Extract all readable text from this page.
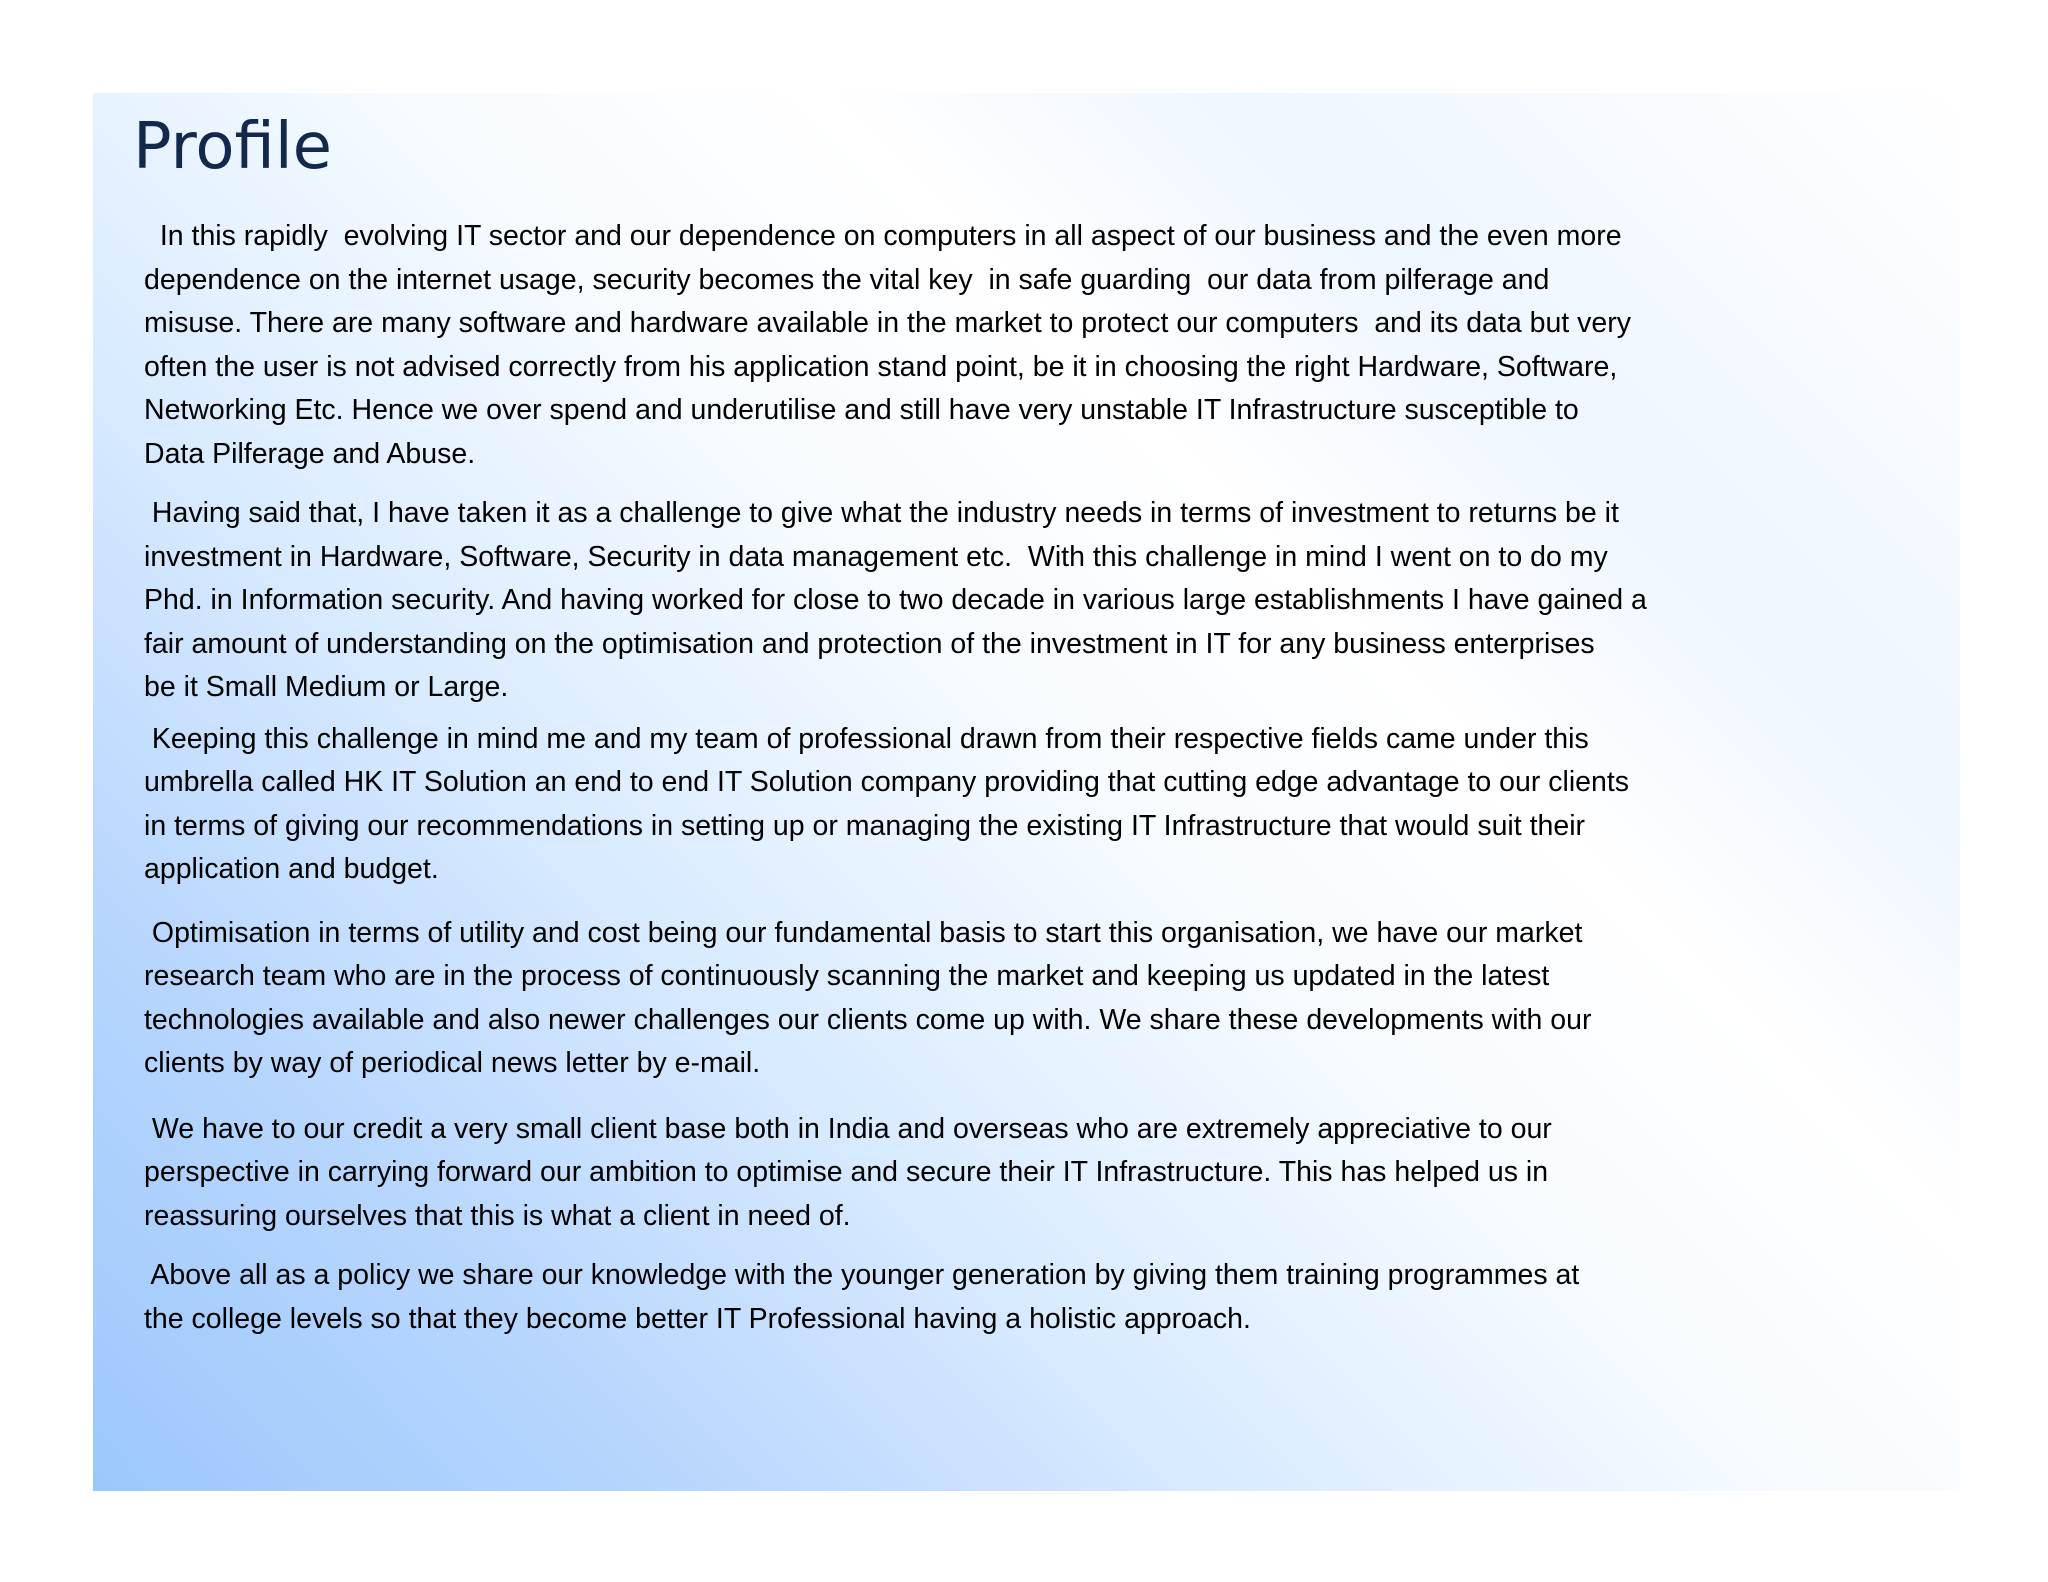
Profile

In this rapidly  evolving IT sector and our dependence on computers in all aspect of our business and the even more
dependence on the internet usage, security becomes the vital key  in safe guarding  our data from pilferage and
misuse. There are many software and hardware available in the market to protect our computers  and its data but very
often the user is not advised correctly from his application stand point, be it in choosing the right Hardware, Software,
Networking Etc. Hence we over spend and underutilise and still have very unstable IT Infrastructure susceptible to
Data Pilferage and Abuse.

Having said that, I have taken it as a challenge to give what the industry needs in terms of investment to returns be it
investment in Hardware, Software, Security in data management etc.  With this challenge in mind I went on to do my
Phd. in Information security. And having worked for close to two decade in various large establishments I have gained a
fair amount of understanding on the optimisation and protection of the investment in IT for any business enterprises
be it Small Medium or Large.

Keeping this challenge in mind me and my team of professional drawn from their respective fields came under this
umbrella called HK IT Solution an end to end IT Solution company providing that cutting edge advantage to our clients
in terms of giving our recommendations in setting up or managing the existing IT Infrastructure that would suit their
application and budget.

Optimisation in terms of utility and cost being our fundamental basis to start this organisation, we have our market
research team who are in the process of continuously scanning the market and keeping us updated in the latest
technologies available and also newer challenges our clients come up with. We share these developments with our
clients by way of periodical news letter by e-mail.

We have to our credit a very small client base both in India and overseas who are extremely appreciative to our
perspective in carrying forward our ambition to optimise and secure their IT Infrastructure. This has helped us in
reassuring ourselves that this is what a client in need of.

Above all as a policy we share our knowledge with the younger generation by giving them training programmes at
the college levels so that they become better IT Professional having a holistic approach.
